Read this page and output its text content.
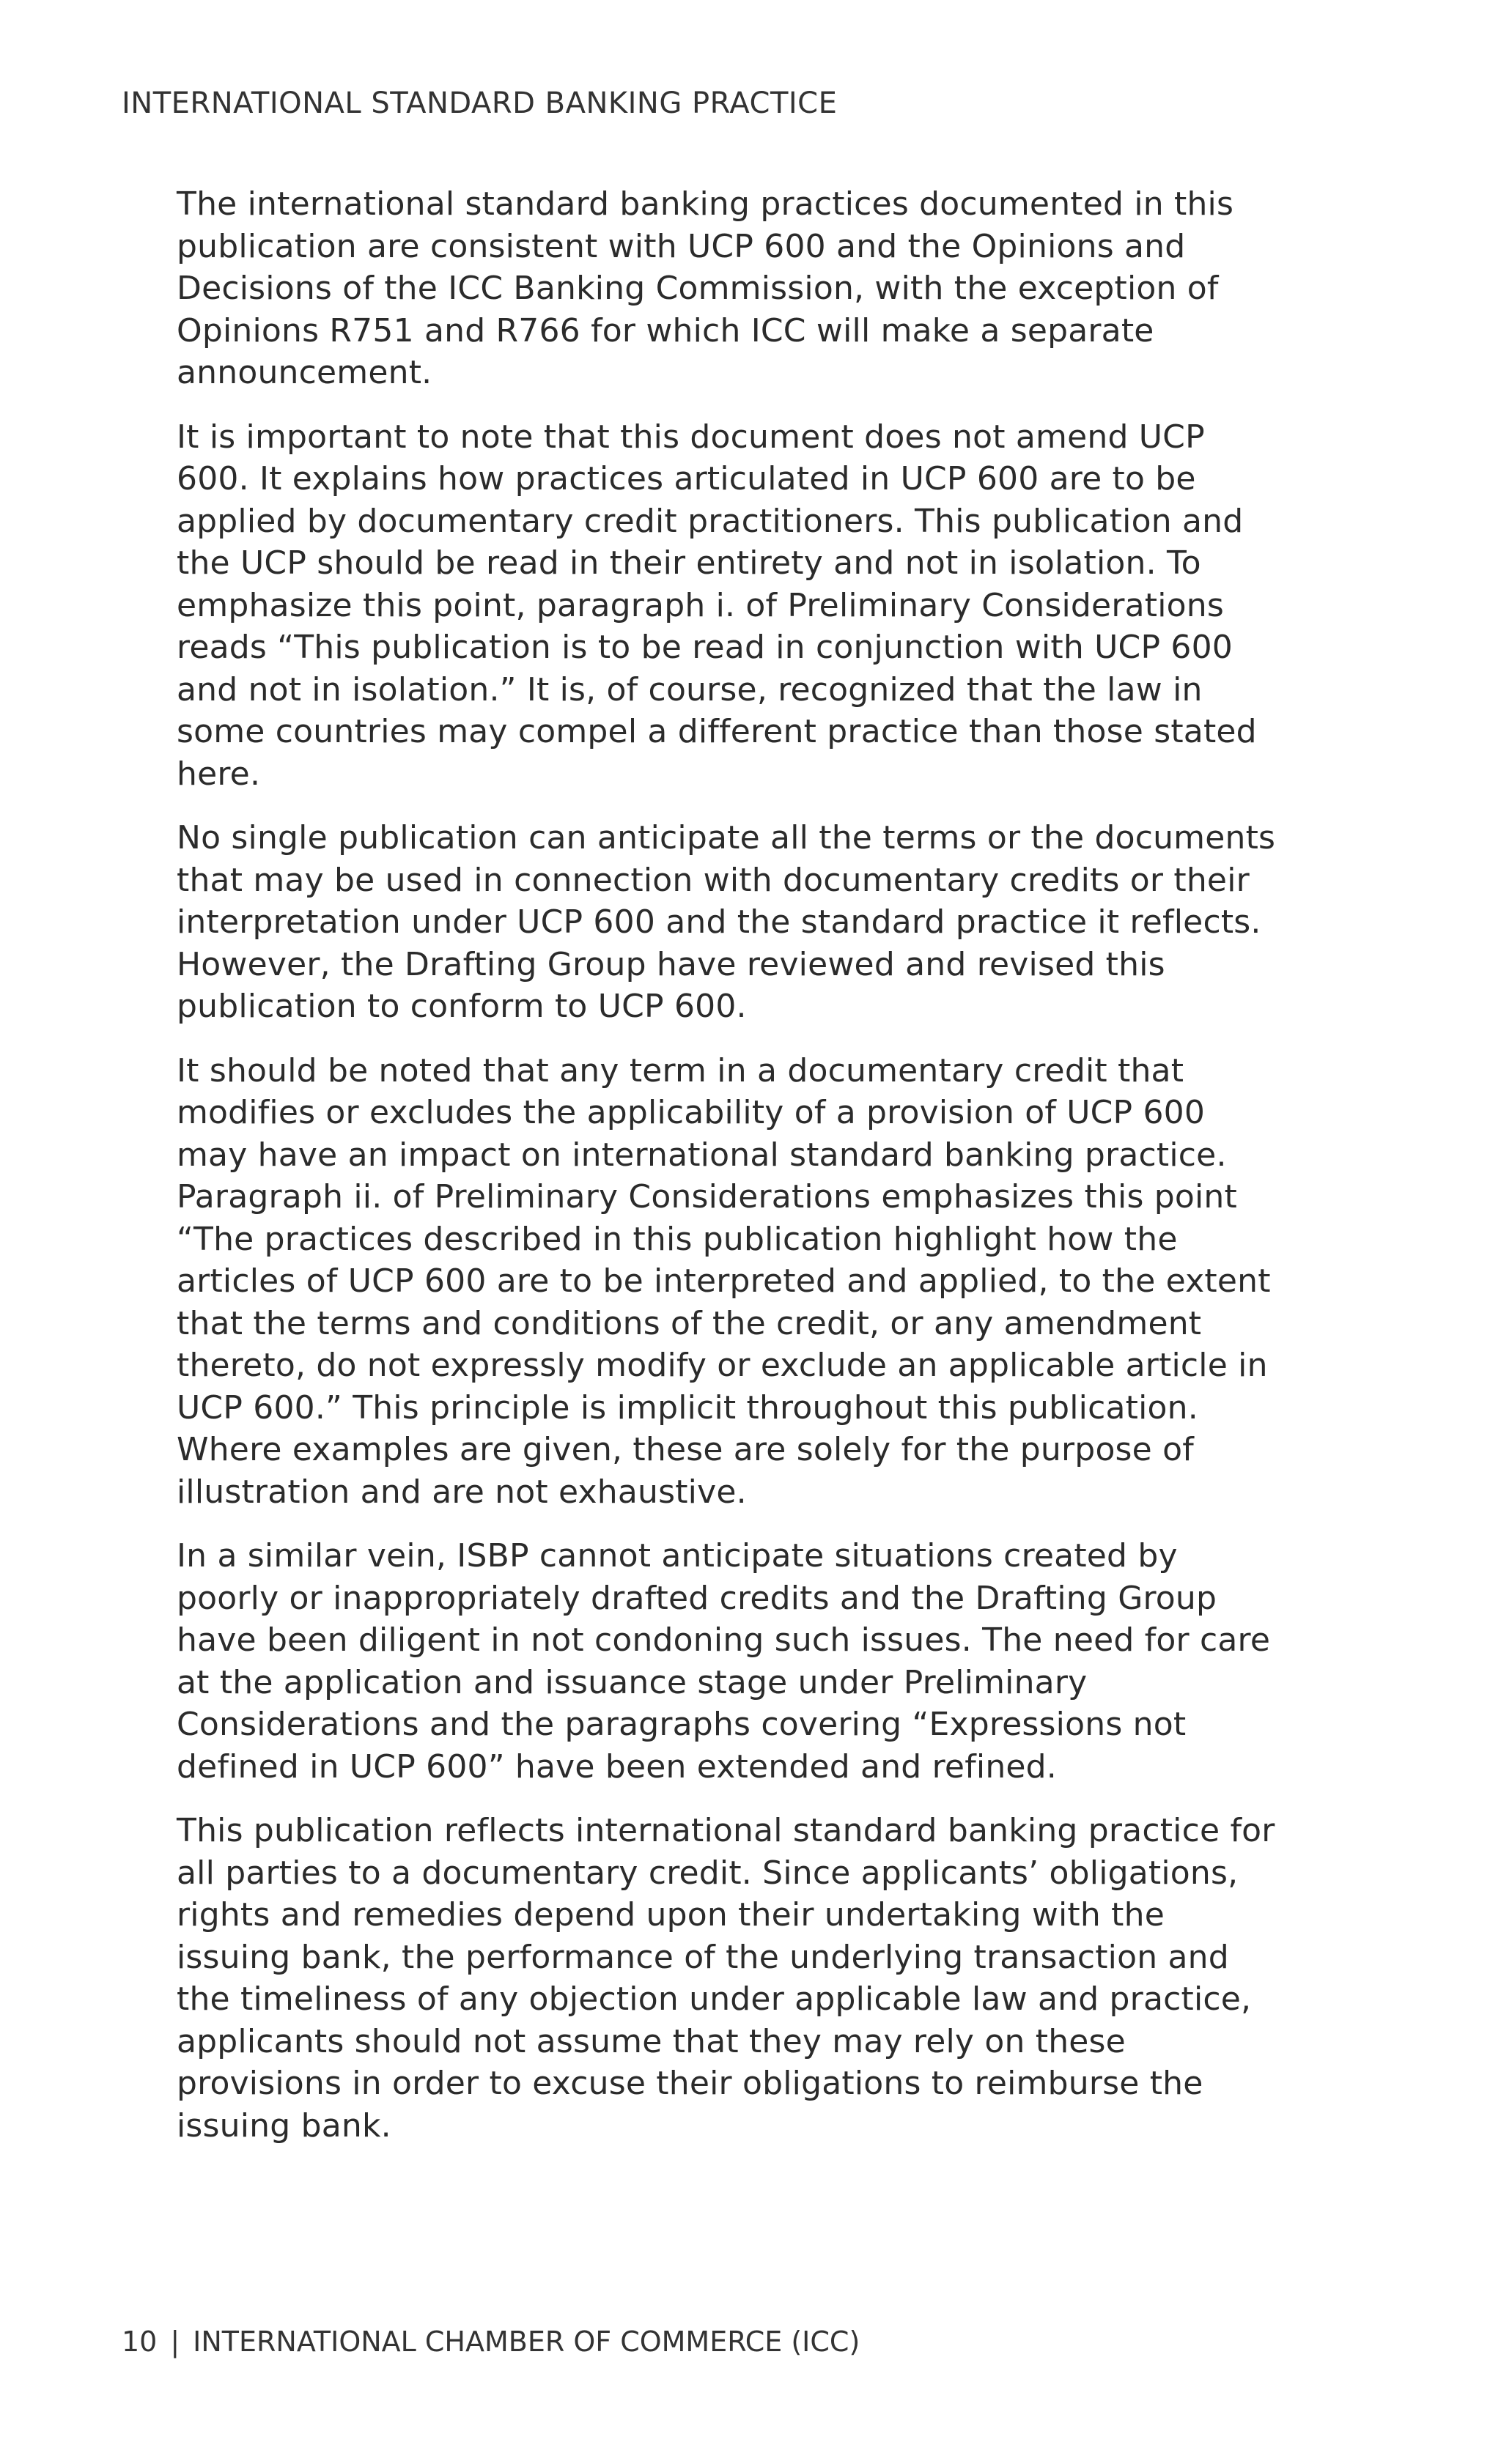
INTERNATIONAL STANDARD BANKING PRACTICE

The international standard banking practices documented in this publication are consistent with UCP 600 and the Opinions and Decisions of the ICC Banking Commission, with the exception of Opinions R751 and R766 for which ICC will make a separate announcement.

It is important to note that this document does not amend UCP 600. It explains how practices articulated in UCP 600 are to be applied by documentary credit practitioners. This publication and the UCP should be read in their entirety and not in isolation. To emphasize this point, paragraph i. of Preliminary Considerations reads “This publication is to be read in conjunction with UCP 600 and not in isolation.” It is, of course, recognized that the law in some countries may compel a different practice than those stated here.

No single publication can anticipate all the terms or the documents that may be used in connection with documentary credits or their interpretation under UCP 600 and the standard practice it reflects. However, the Drafting Group have reviewed and revised this publication to conform to UCP 600.

It should be noted that any term in a documentary credit that modifies or excludes the applicability of a provision of UCP 600 may have an impact on international standard banking practice. Paragraph ii. of Preliminary Considerations emphasizes this point “The practices described in this publication highlight how the articles of UCP 600 are to be interpreted and applied, to the extent that the terms and conditions of the credit, or any amendment thereto, do not expressly modify or exclude an applicable article in UCP 600.” This principle is implicit throughout this publication. Where examples are given, these are solely for the purpose of illustration and are not exhaustive.

In a similar vein, ISBP cannot anticipate situations created by poorly or inappropriately drafted credits and the Drafting Group have been diligent in not condoning such issues. The need for care at the application and issuance stage under Preliminary Considerations and the paragraphs covering “Expressions not defined in UCP 600” have been extended and refined.

This publication reflects international standard banking practice for all parties to a documentary credit. Since applicants’ obligations, rights and remedies depend upon their undertaking with the issuing bank, the performance of the underlying transaction and the timeliness of any objection under applicable law and practice, applicants should not assume that they may rely on these provisions in order to excuse their obligations to reimburse the issuing bank.

10 | INTERNATIONAL CHAMBER OF COMMERCE (ICC)
